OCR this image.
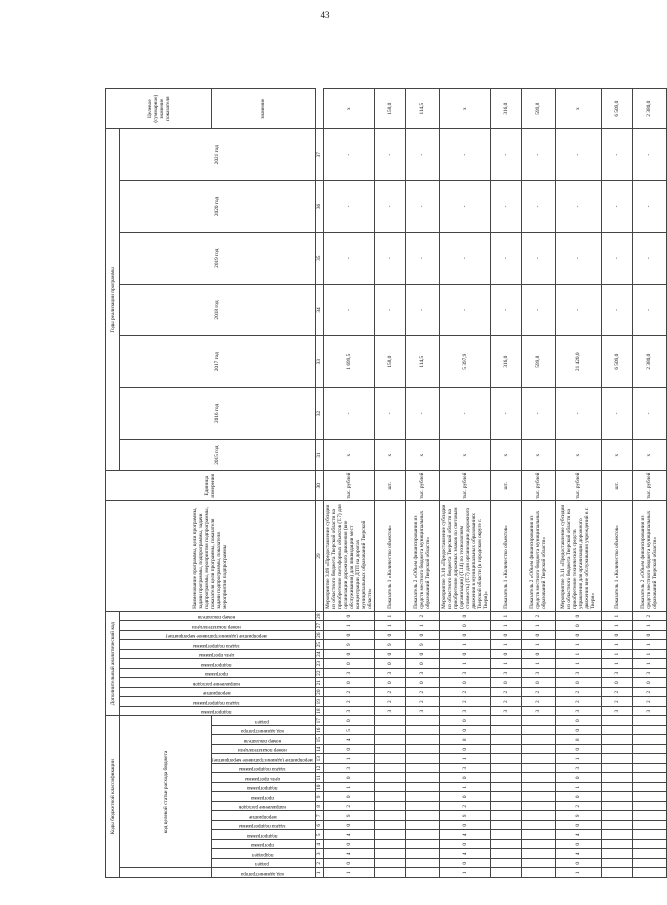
43
Коды бюджетной классификации																	Дополнительный аналитический код											Наименование программы, цели программы, задачи программы, подпрограммы, задачи подпрограммы, мероприятия подпрограммы, показателя цели программы, показателя задачи подпрограммы, показателя мероприятия подпрограммы	Единица измерения	Годы реализации программы							Целевое (суммарное) значение показателя
	код целевой статьи расхода бюджета																подпрограмма	задача подпрограммы	мероприятие	направление расходов	программа	подпрограмма	цель программы	задача подпрограммы	мероприятие (административное мероприятие)	номер показателя/цели	номер показателя			2015 год	2016 год	2017 год	2018 год	2019 год	2020 год	2021 год	
код администратора	раздел	подраздел	программа	подпрограмма	задача подпрограммы	мероприятие	направление расходов	программа	подпрограмма	цель программы	задача подпрограммы	мероприятие (административное мероприятие)	номер показателя/цели	номер показателя	код администратора	раздел																					значение
1	2	3	4	5	6	7	8	9	10	11	12	13	14	15	16	17	18	19	20	21	22	23	24	25	26	27	28	29	30	31	32	33	34	35	36	37	
1	0	4	0	4	0	9	2	0	1	0	3	1	0	4	5	0	3	2	2	0	3	0	0	9	0	1	0	Мероприятие 3.09 «Предоставление субсидии из областного бюджета Тверской области на приобретение светофорных объектов (Т.7) для организации дорожного движения (вне обслуживания) для ликвидации мест концентрации ДТП на дорогах муниципальных образований Тверской области»	тыс. рублей	х	-	1 699,5	-	-	-	-	х
																	3	2	2	0	3	0	0	9	0	1	1	Показатель 1 «Количество объектов»	шт.	х	-	158,0	-	-	-	-	158,0
																	3	2	2	0	3	0	0	9	0	1	2	Показатель 2 «Объем финансирования из средств местного бюджета муниципальных образований Тверской области»	тыс. рублей	х	-	114,5	-	-	-	-	114,5
1	0	4	0	4	0	9	2	0	1	0	3	1	0	8	0	0	3	2	2	0	3	1	0	1	0	0	0	Мероприятие 3.10 «Предоставление субсидии из областного бюджета Тверской области на приобретение дорожных знаков по световым (организации) (Т.14) по технологиям стоимость) (Т.7) для организации дорожного движения в муниципальных образованиях Тверской области (в городском округе г. Твери)»	тыс. рублей	х	-	5 397,9	-	-	-	-	х
																	3	2	2	0	3	1	0	1	0	1	1	Показатель 1 «Количество объектов»	шт.	х	-	316,0	-	-	-	-	316,0
																	3	2	2	0	3	1	0	1	0	1	2	Показатель 2 «Объем финансирования из средств местного бюджета муниципальных образований Тверской области»	тыс. рублей	х	-	599,8	-	-	-	-	599,8
1	0	4	0	4	0	9	2	0	1	0	3	1	0	8	0	0	3	2	2	0	3	1	1	1	0	0	0	Мероприятие 3.11 «Предоставление субсидии из областного бюджета Тверской области на приобретение технических средств управления для организации дорожного движения вне обслуживания учреждений в г. Твери»	тыс. рублей	х	-	21 420,0	-	-	-	-	х
																	3	2	2	0	3	1	1	1	0	1	1	Показатель 1 «Количество объектов»	шт.	х	-	6 509,0	-	-	-	-	6 509,0
																	3	2	2	0	3	1	1	1	0	1	2	Показатель 2 «Объем финансирования из средств местного бюджета муниципальных образований Тверской области»	тыс. рублей	х	-	2 380,0	-	-	-	-	2 380,0
